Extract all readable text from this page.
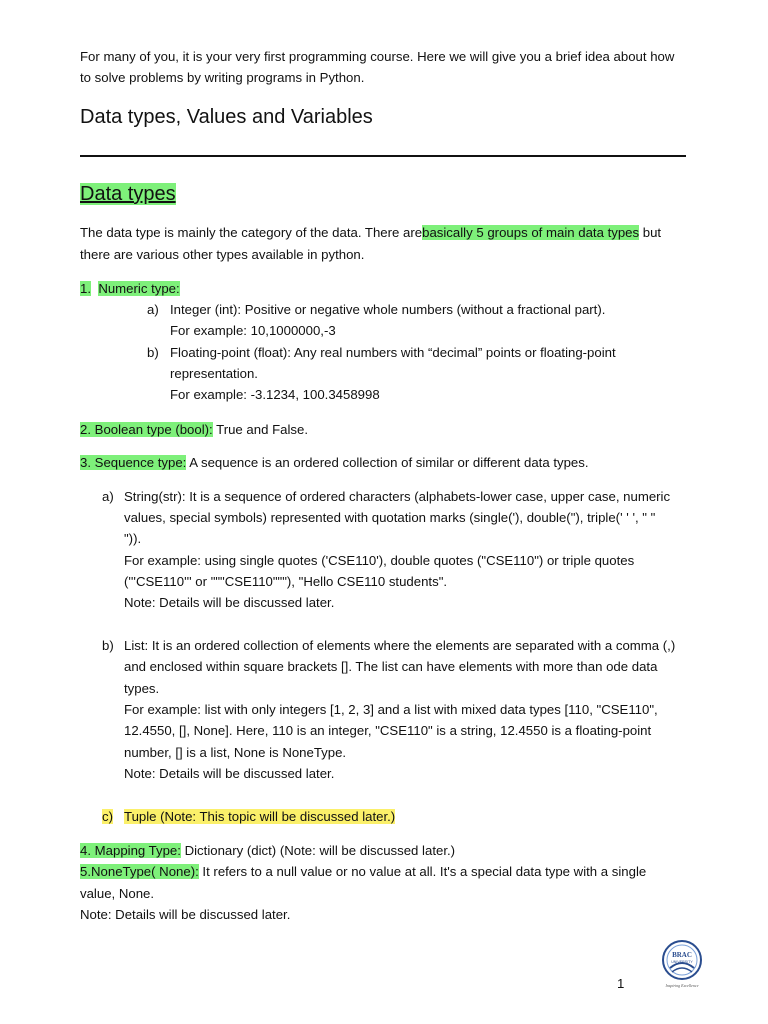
For many of you, it is your very first programming course. Here we will give you a brief idea about how
to solve problems by writing programs in Python.
Data types, Values and Variables
Data types
The data type is mainly the category of the data. There arebasically 5 groups of main data types but
there are various other types available in python.
1. Numeric type:
a) Integer (int): Positive or negative whole numbers (without a fractional part).
For example: 10,1000000,-3
b) Floating-point (float): Any real numbers with “decimal” points or floating-point
representation.
For example: -3.1234, 100.3458998
2. Boolean type (bool): True and False.
3. Sequence type: A sequence is an ordered collection of similar or different data types.
a) String(str): It is a sequence of ordered characters (alphabets-lower case, upper case, numeric
values, special symbols) represented with quotation marks (single('), double("), triple(' ' ', " "
")).
For example: using single quotes ('CSE110'), double quotes ("CSE110") or triple quotes
('''CSE110''' or """CSE110"""), "Hello CSE110 students".
Note: Details will be discussed later.
b) List: It is an ordered collection of elements where the elements are separated with a comma (,)
and enclosed within square brackets []. The list can have elements with more than ode data
types.
For example: list with only integers [1, 2, 3] and a list with mixed data types [110, "CSE110",
12.4550, [], None]. Here, 110 is an integer, "CSE110" is a string, 12.4550 is a floating-point
number, [] is a list, None is NoneType.
Note: Details will be discussed later.
c) Tuple (Note: This topic will be discussed later.)
4. Mapping Type: Dictionary (dict) (Note: will be discussed later.)
5.NoneType( None): It refers to a null value or no value at all. It's a special data type with a single
value, None.
Note: Details will be discussed later.
1
BRAC
UNIVERSITY
Inspiring Excellence
